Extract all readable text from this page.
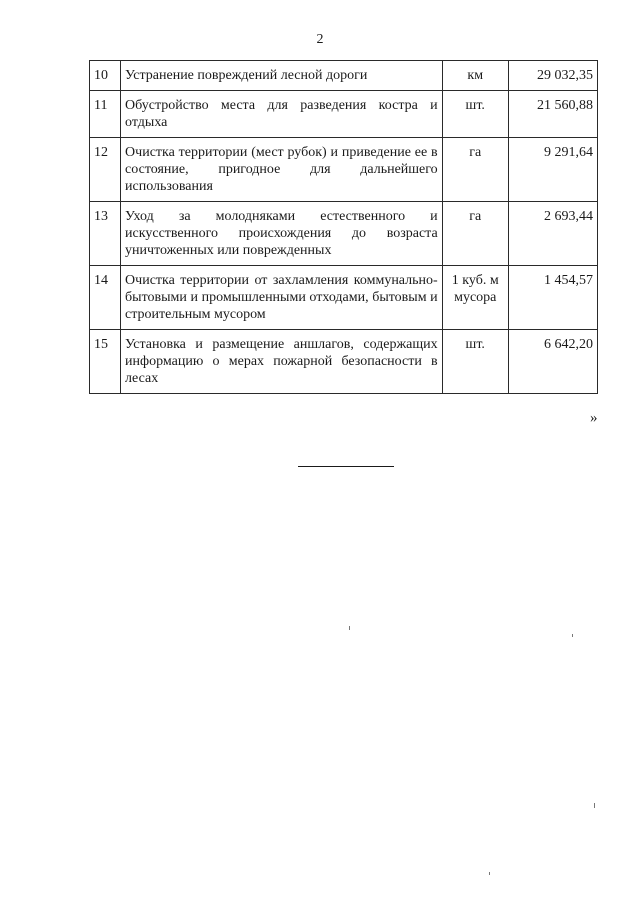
2
10	Устранение повреждений лесной дороги	км	29 032,35
11	Обустройство места для разведения костра и отдыха	шт.	21 560,88
12	Очистка территории (мест рубок) и приведение ее в состояние, пригодное для дальнейшего использования	га	9 291,64
13	Уход за молодняками естественного и искусственного происхождения до возраста уничтоженных или поврежденных	га	2 693,44
14	Очистка территории от захламления коммунально-бытовыми и промышленными отходами, бытовым и строительным мусором	1 куб. м мусора	1 454,57
15	Установка и размещение аншлагов, содержащих информацию о мерах пожарной безопасности в лесах	шт.	6 642,20
»
